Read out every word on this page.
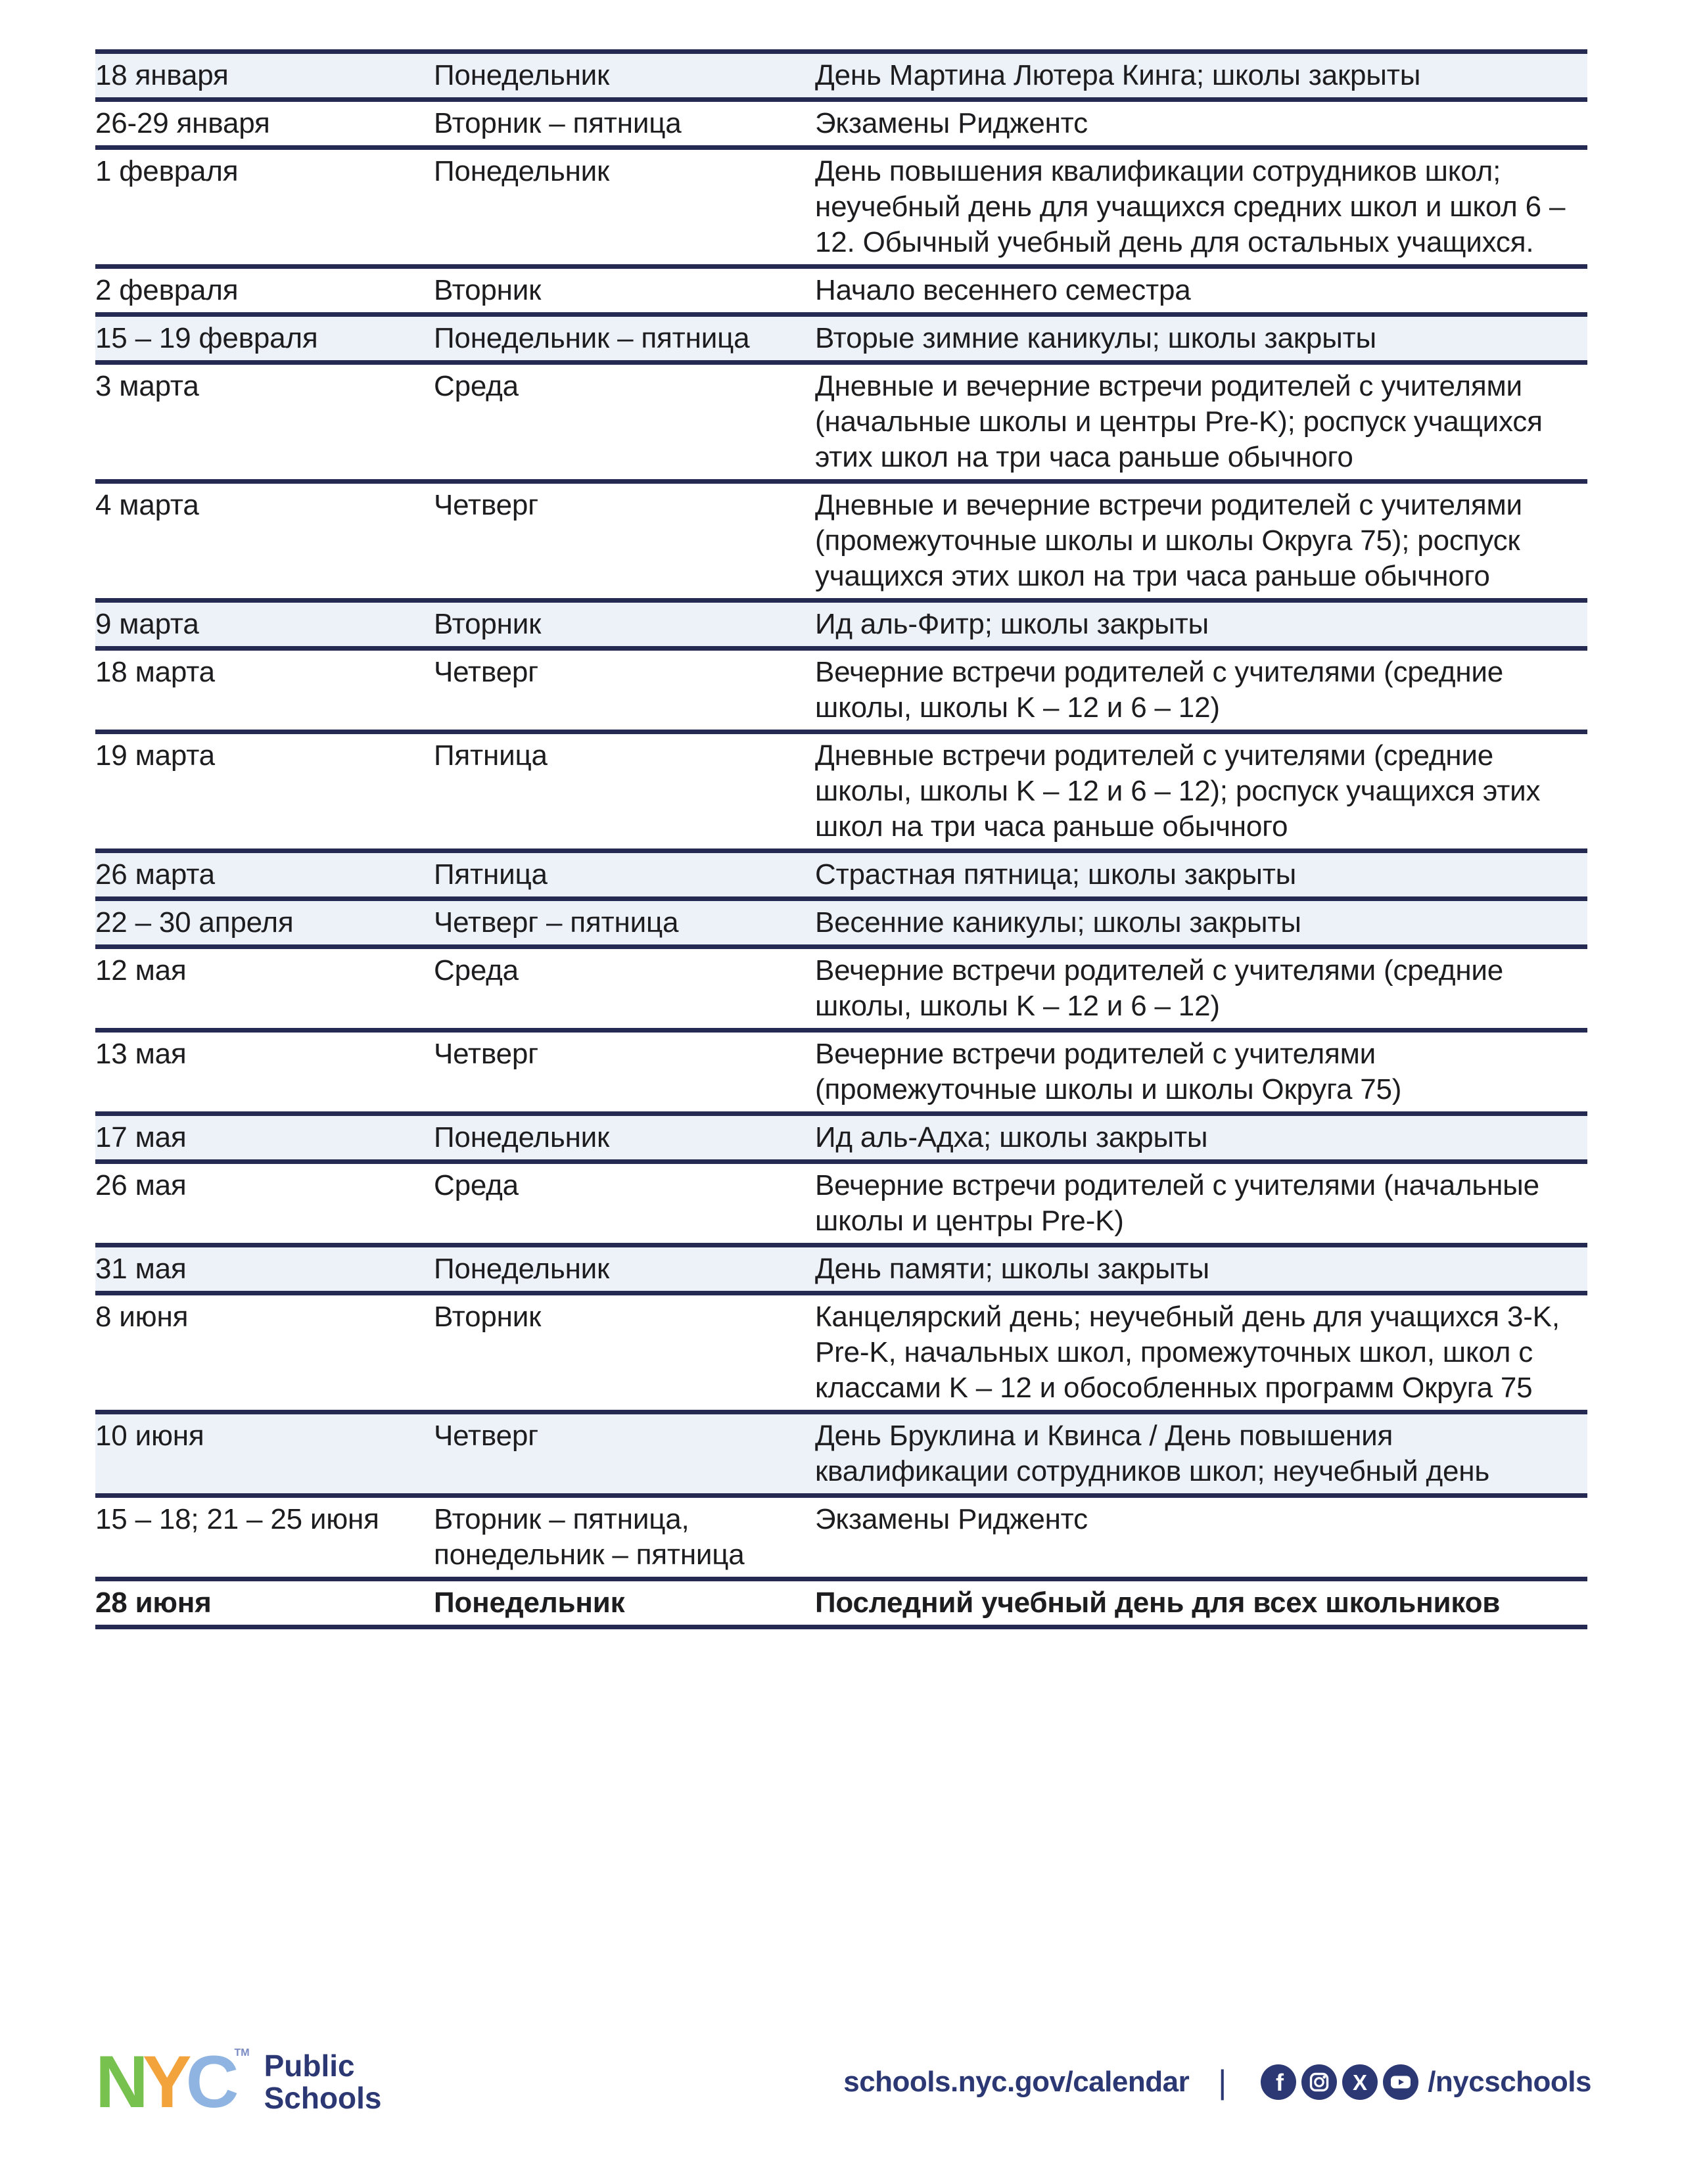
18 января	Понедельник	День Мартина Лютера Кинга; школы закрыты
26-29 января	Вторник – пятница	Экзамены Риджентс
1 февраля	Понедельник	День повышения квалификации сотрудников школ; неучебный день для учащихся средних школ и школ 6 – 12. Обычный учебный день для остальных учащихся.
2 февраля	Вторник	Начало весеннего семестра
15 – 19 февраля	Понедельник – пятница	Вторые зимние каникулы; школы закрыты
3 марта	Среда	Дневные и вечерние встречи родителей с учителями (начальные школы и центры Pre-K); роспуск учащихся этих школ на три часа раньше обычного
4 марта	Четверг	Дневные и вечерние встречи родителей с учителями (промежуточные школы и школы Округа 75); роспуск учащихся этих школ на три часа раньше обычного
9 марта	Вторник	Ид аль-Фитр; школы закрыты
18 марта	Четверг	Вечерние встречи родителей с учителями (средние школы, школы K – 12 и 6 – 12)
19 марта	Пятница	Дневные встречи родителей с учителями (средние школы, школы K – 12 и 6 – 12); роспуск учащихся этих школ на три часа раньше обычного
26 марта	Пятница	Страстная пятница; школы закрыты
22 – 30 апреля	Четверг – пятница	Весенние каникулы; школы закрыты
12 мая	Среда	Вечерние встречи родителей с учителями (средние школы, школы K – 12 и 6 – 12)
13 мая	Четверг	Вечерние встречи родителей с учителями (промежуточные школы и школы Округа 75)
17 мая	Понедельник	Ид аль-Адха; школы закрыты
26 мая	Среда	Вечерние встречи родителей с учителями (начальные школы и центры Pre-K)
31 мая	Понедельник	День памяти; школы закрыты
8 июня	Вторник	Канцелярский день; неучебный день для учащихся 3-K, Pre-K, начальных школ, промежуточных школ, школ с классами K – 12 и обособленных программ Округа 75
10 июня	Четверг	День Бруклина и Квинса / День повышения квалификации сотрудников школ; неучебный день
15 – 18; 21 – 25 июня	Вторник – пятница, понедельник – пятница	Экзамены Риджентс
28 июня	Понедельник	Последний учебный день для всех школьников
N Y C TM Public
Schools	schools.nyc.gov/calendar | f	X /nycschools
